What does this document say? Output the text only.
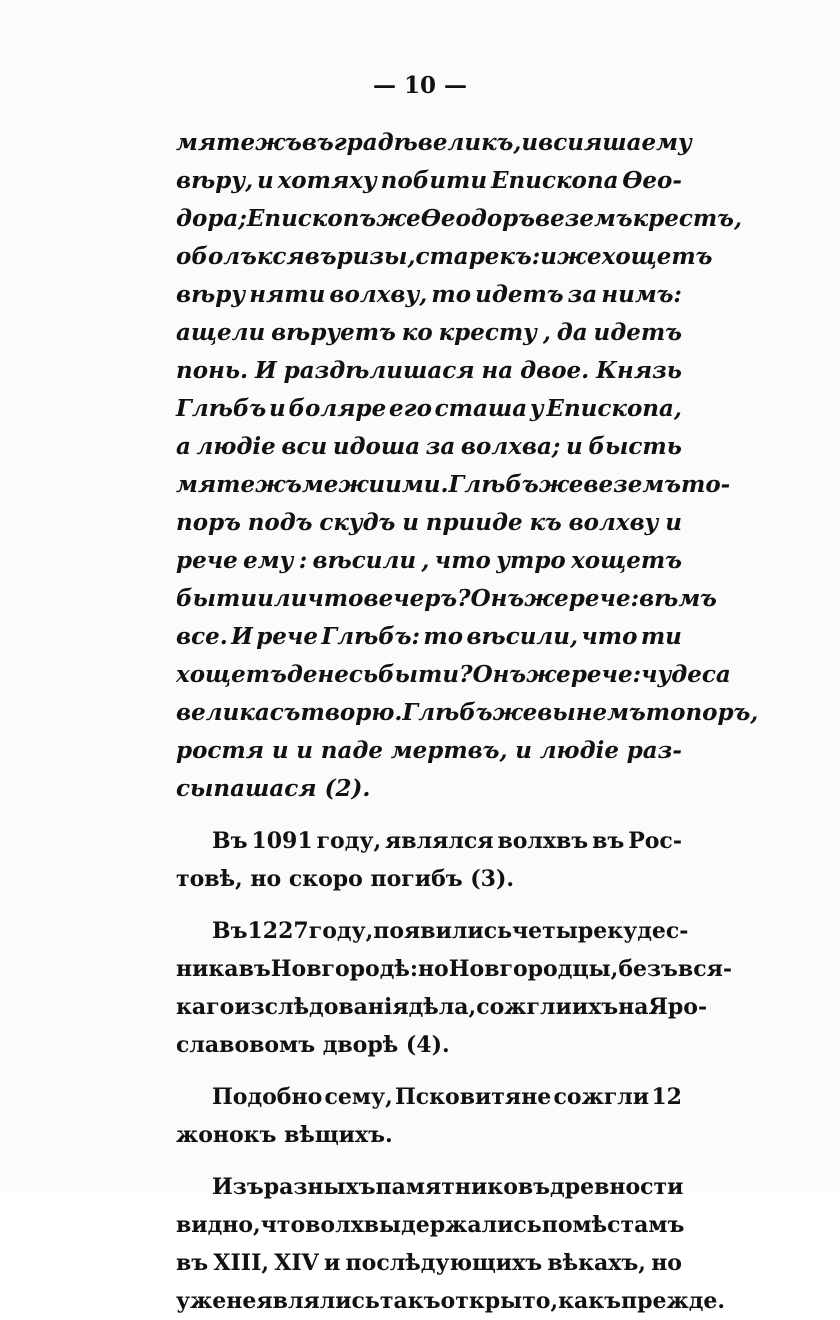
— 10 —
мятежъ въ градѣ великъ, и вси яша ему
вѣру, и хотяху побити Епископа Ѳео-
дора; Епископъже Ѳеодоръ веземъ крестъ,
оболъкся въ ризы, ста рекъ: иже хощетъ
вѣру няти волхву, то идетъ за нимъ:
ащели вѣруетъ ко кресту , да идетъ
понь. И раздѣлишася на двое. Князь
Глѣбъ и боляре его сташа у Епископа,
а людіе вси идоша за волхва; и бысть
мятежъ межи ими. Глѣбъже веземъ то-
поръ подъ скудъ и прииде къ волхву и
рече ему : вѣсили , что утро хощетъ
быти или что вечеръ? Онъже рече: вѣмъ
все. И рече Глѣбъ: то вѣсили, что ти
хощетъ денесь быти? Онъже рече: чудеса
велика сътворю. Глѣбъже вынемъ топоръ,
ростя и и паде мертвъ, и людіе раз-
сыпашася (2).
Въ 1091 году, являлся волхвъ въ Рос-
товѣ, но скоро погибъ (3).
Въ 1227 году, появились четыре кудес-
ника въ Новгородѣ: но Новгородцы, безъ вся-
каго изслѣдованія дѣла, сожгли ихъ на Яро-
славовомъ дворѣ (4).
Подобно сему, Псковитяне сожгли 12
жонокъ вѣщихъ.
Изъ разныхъ памятниковъ древности
видно, что волхвы держались по мѣстамъ
въ XIII, XIV и послѣдующихъ вѣкахъ, но
уже не являлись такъ открыто, какъ прежде.
